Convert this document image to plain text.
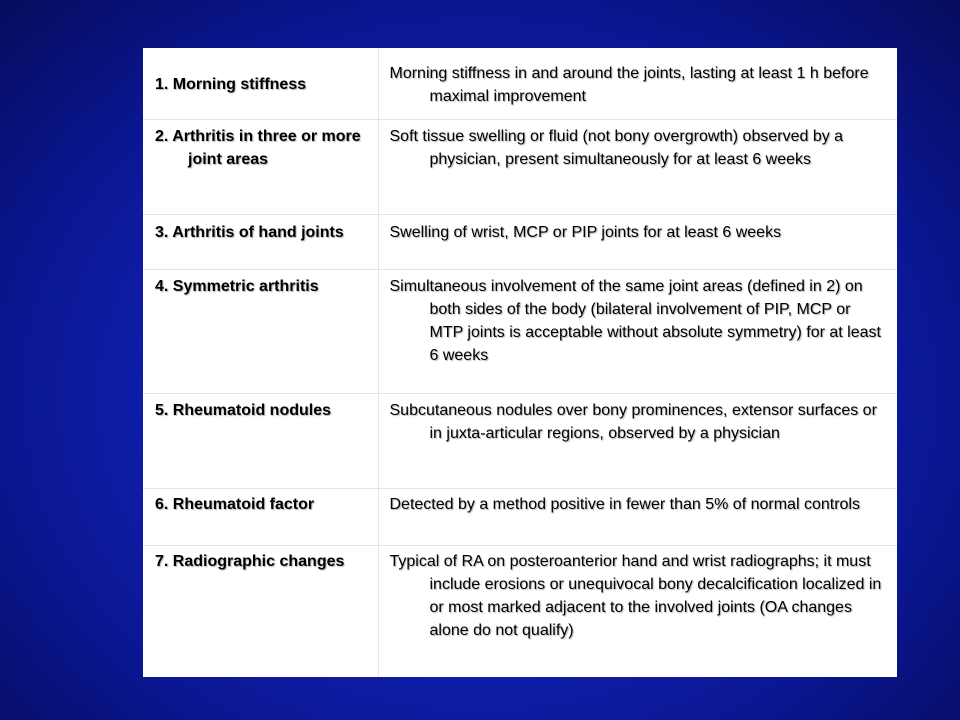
1. Morning stiffness	Morning stiffness in and around the joints, lasting at least 1 h before maximal improvement

2. Arthritis in three or more joint areas	Soft tissue swelling or fluid (not bony overgrowth) observed by a physician, present simultaneously for at least 6 weeks

3. Arthritis of hand joints	Swelling of wrist, MCP or PIP joints for at least 6 weeks

4. Symmetric arthritis	Simultaneous involvement of the same joint areas (defined in 2) on both sides of the body (bilateral involvement of PIP, MCP or MTP joints is acceptable without absolute symmetry) for at least 6 weeks

5. Rheumatoid nodules	Subcutaneous nodules over bony prominences, extensor surfaces or in juxta-articular regions, observed by a physician

6. Rheumatoid factor	Detected by a method positive in fewer than 5% of normal controls

7. Radiographic changes	Typical of RA on posteroanterior hand and wrist radiographs; it must include erosions or unequivocal bony decalcification localized in or most marked adjacent to the involved joints (OA changes alone do not qualify)
